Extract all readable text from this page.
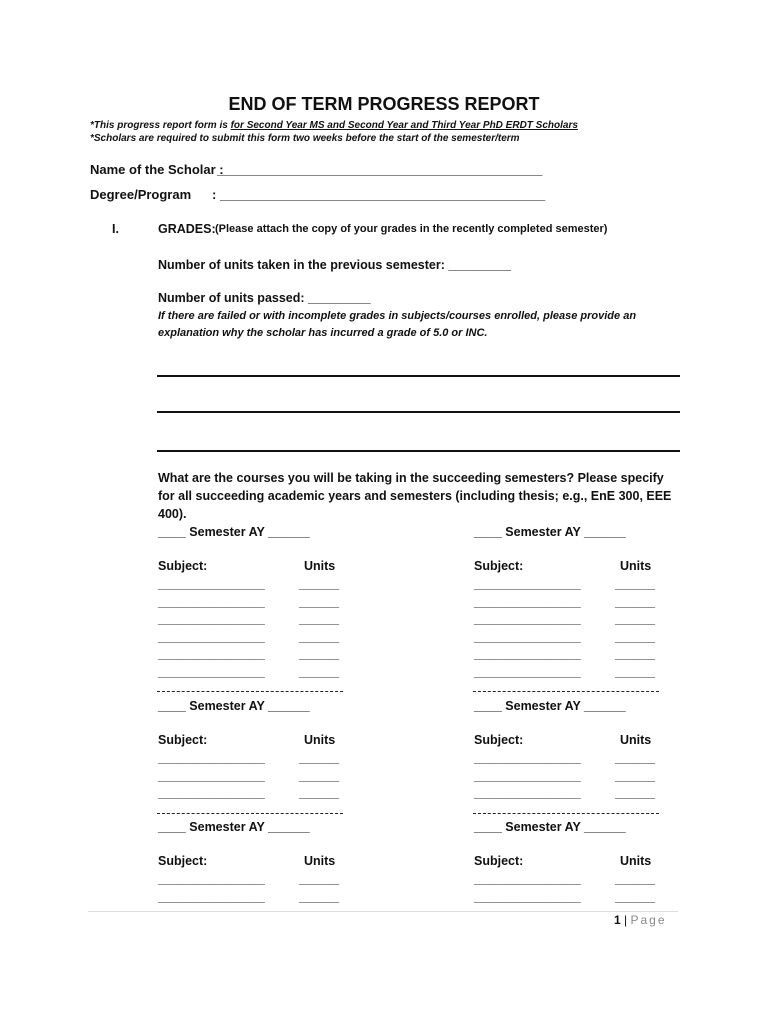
END OF TERM PROGRESS REPORT
*This progress report form is for Second Year MS and Second Year and Third Year PhD ERDT Scholars
*Scholars are required to submit this form two weeks before the start of the semester/term
Name of the Scholar :
_____________________________________________
Degree/Program : _____________________________________________
I.	GRADES: (Please attach the copy of your grades in the recently completed semester)
Number of units taken in the previous semester: _________
Number of units passed: _________
If there are failed or with incomplete grades in subjects/courses enrolled, please provide an explanation why the scholar has incurred a grade of 5.0 or INC.
What are the courses you will be taking in the succeeding semesters? Please specify for all succeeding academic years and semesters (including thesis; e.g., EnE 300, EEE 400).
____ Semester AY ______
Subject:	Units
________________	______
________________	______
________________	______
________________	______
________________	______
________________	______
____ Semester AY ______
Subject:	Units
________________	______
________________	______
________________	______
________________	______
________________	______
________________	______
____ Semester AY ______
Subject:	Units
________________	______
________________	______
________________	______
____ Semester AY ______
Subject:	Units
________________	______
________________	______
________________	______
____ Semester AY ______
Subject:	Units
________________	______
________________	______
____ Semester AY ______
Subject:	Units
________________	______
________________	______
1 | Page
